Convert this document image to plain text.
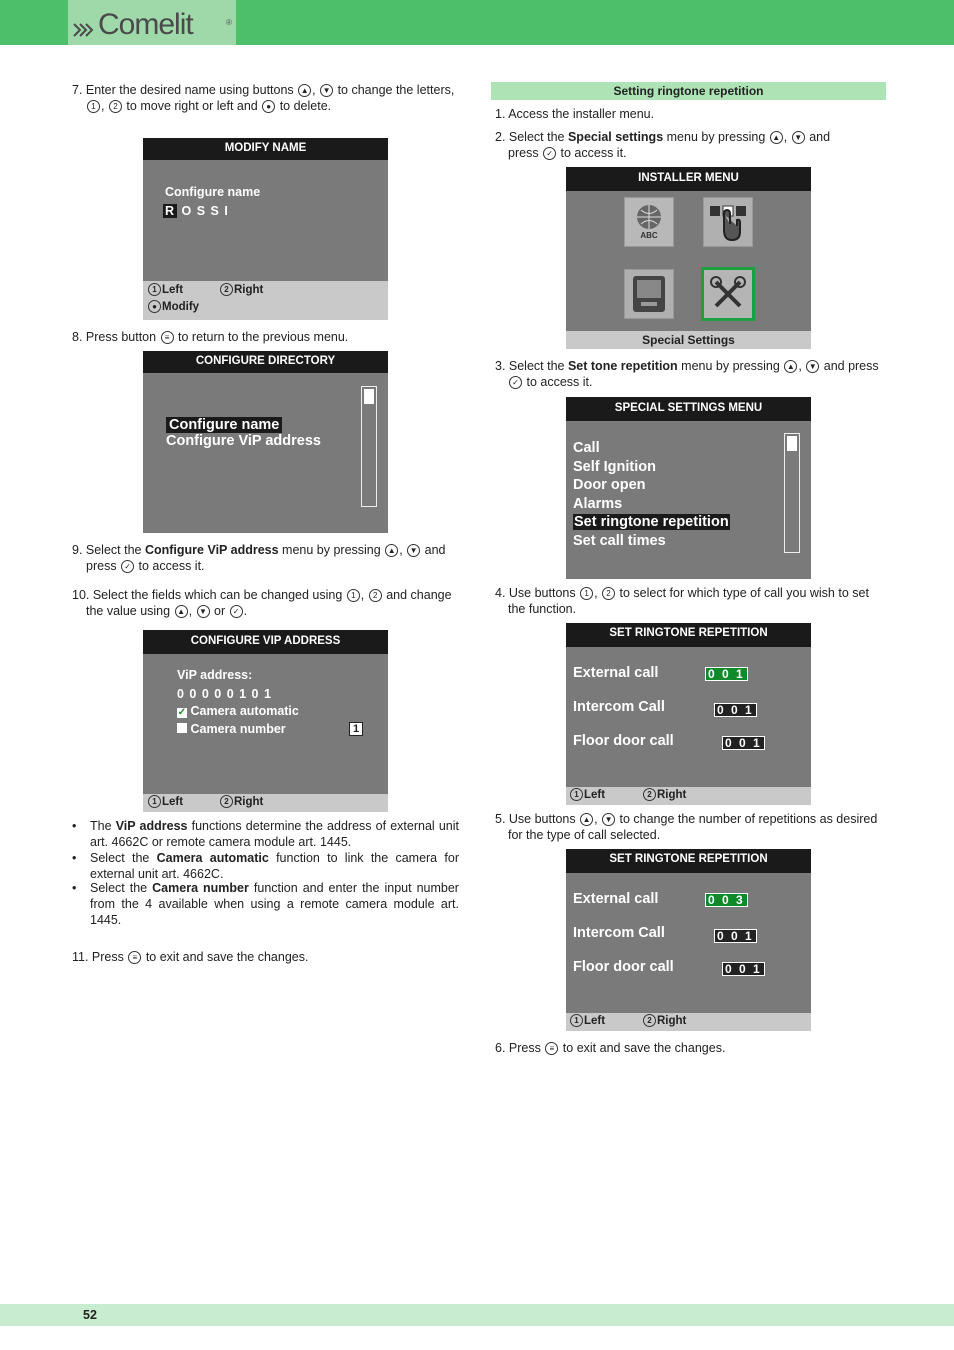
Comelit	®
7. Enter the desired name using buttons ▲ , ▼ to change the letters,
1 , 2 to move right or left and ● to delete.
MODIFY NAME
Configure name
R O S S I
1 Left	2 Right
● Modify
8. Press button ≡ to return to the previous menu.
CONFIGURE DIRECTORY
Configure name
Configure ViP address
9. Select the Configure ViP address menu by pressing ▲ , ▼ and
press ✓ to access it.
10. Select the fields which can be changed using 1 , 2 and change
the value using ▲ , ▼ or ✓ .
CONFIGURE VIP ADDRESS
ViP address:
0 0 0 0 0 1 0 1
✓ Camera automatic
Camera number	1
1 Left	2 Right
• The ViP address functions determine the address of external unit art. 4662C or remote camera module art. 1445.
• Select the Camera automatic function to link the camera for external unit art. 4662C.
• Select the Camera number function and enter the input number from the 4 available when using a remote camera module art. 1445.
11. Press ≡ to exit and save the changes.
Setting ringtone repetition
1. Access the installer menu.
2. Select the Special settings menu by pressing ▲ , ▼ and
press ✓ to access it.
INSTALLER MENU
ABC
Special Settings
3. Select the Set tone repetition menu by pressing ▲ , ▼ and press
✓ to access it.
SPECIAL SETTINGS MENU
Call
Self Ignition
Door open
Alarms
Set ringtone repetition
Set call times
4. Use buttons 1 , 2 to select for which type of call you wish to set
the function.
SET RINGTONE REPETITION
External call	0 0 1
Intercom Call	0 0 1
Floor door call	0 0 1
1 Left	2 Right
5. Use buttons ▲ , ▼ to change the number of repetitions as desired
for the type of call selected.
SET RINGTONE REPETITION
External call	0 0 3
Intercom Call	0 0 1
Floor door call	0 0 1
1 Left	2 Right
6. Press ≡ to exit and save the changes.
52
